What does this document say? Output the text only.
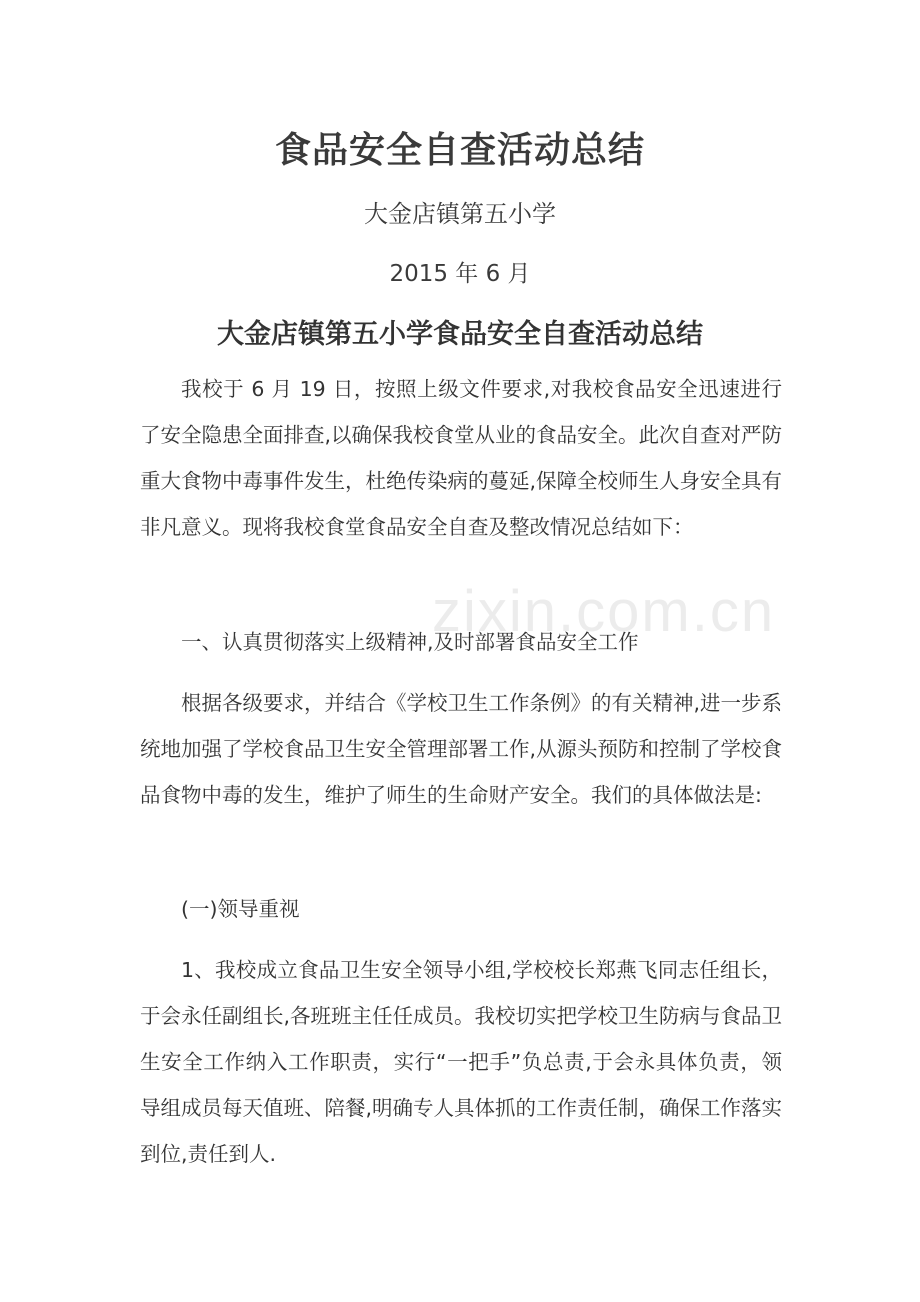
zixin.com.cn
食品安全自查活动总结
大金店镇第五小学
2015 年 6 月
大金店镇第五小学食品安全自查活动总结

我校于 6 月 19 日，按照上级文件要求,对我校食品安全迅速进行了安全隐患全面排查,以确保我校食堂从业的食品安全。此次自查对严防重大食物中毒事件发生，杜绝传染病的蔓延,保障全校师生人身安全具有非凡意义。现将我校食堂食品安全自查及整改情况总结如下：

一、认真贯彻落实上级精神,及时部署食品安全工作

根据各级要求，并结合《学校卫生工作条例》的有关精神,进一步系统地加强了学校食品卫生安全管理部署工作,从源头预防和控制了学校食品食物中毒的发生，维护了师生的生命财产安全。我们的具体做法是:

(一)领导重视

1、我校成立食品卫生安全领导小组,学校校长郑燕飞同志任组长，于会永任副组长,各班班主任任成员。我校切实把学校卫生防病与食品卫生安全工作纳入工作职责，实行“一把手”负总责,于会永具体负责，领导组成员每天值班、陪餐,明确专人具体抓的工作责任制，确保工作落实到位,责任到人.
